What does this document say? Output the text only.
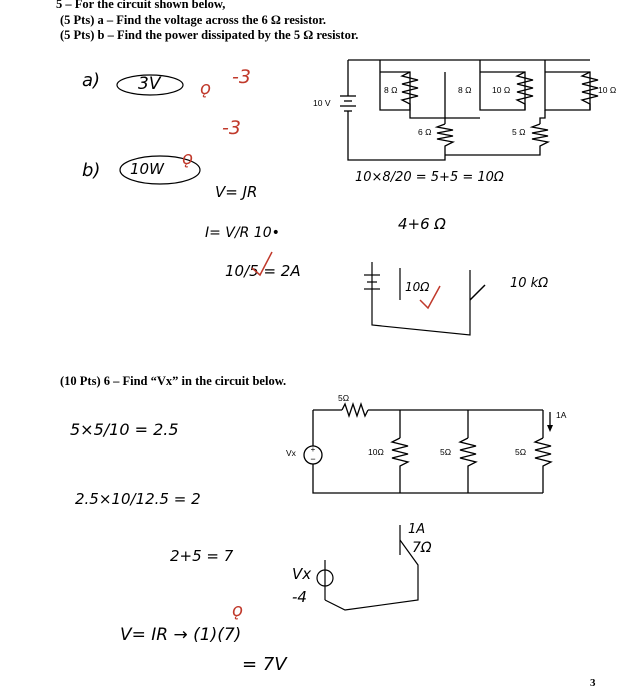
5 – For the circuit shown below,
(5 Pts) a – Find the voltage across the 6 Ω resistor.
(5 Pts) b – Find the power dissipated by the 5 Ω resistor.
10 V
8 Ω
6 Ω
8 Ω 10 Ω
5 Ω
10 Ω
a) 3V ǫ
-3
-3
b) 10W ǫ
V= JR
I= V/R 10•
10/5 = 2A
10×8/20 = 5+5 = 10Ω
4+6 Ω
10Ω	10 kΩ
(10 Pts) 6 – Find “Vx” in the circuit below.
+
−
5Ω
Vx	10Ω	5Ω	5Ω
1A
5×5/10 = 2.5
2.5×10/12.5 = 2
2+5 = 7
Vx
-4
1A
7Ω
ǫ
V= IR → (1)(7)
= 7V
3
